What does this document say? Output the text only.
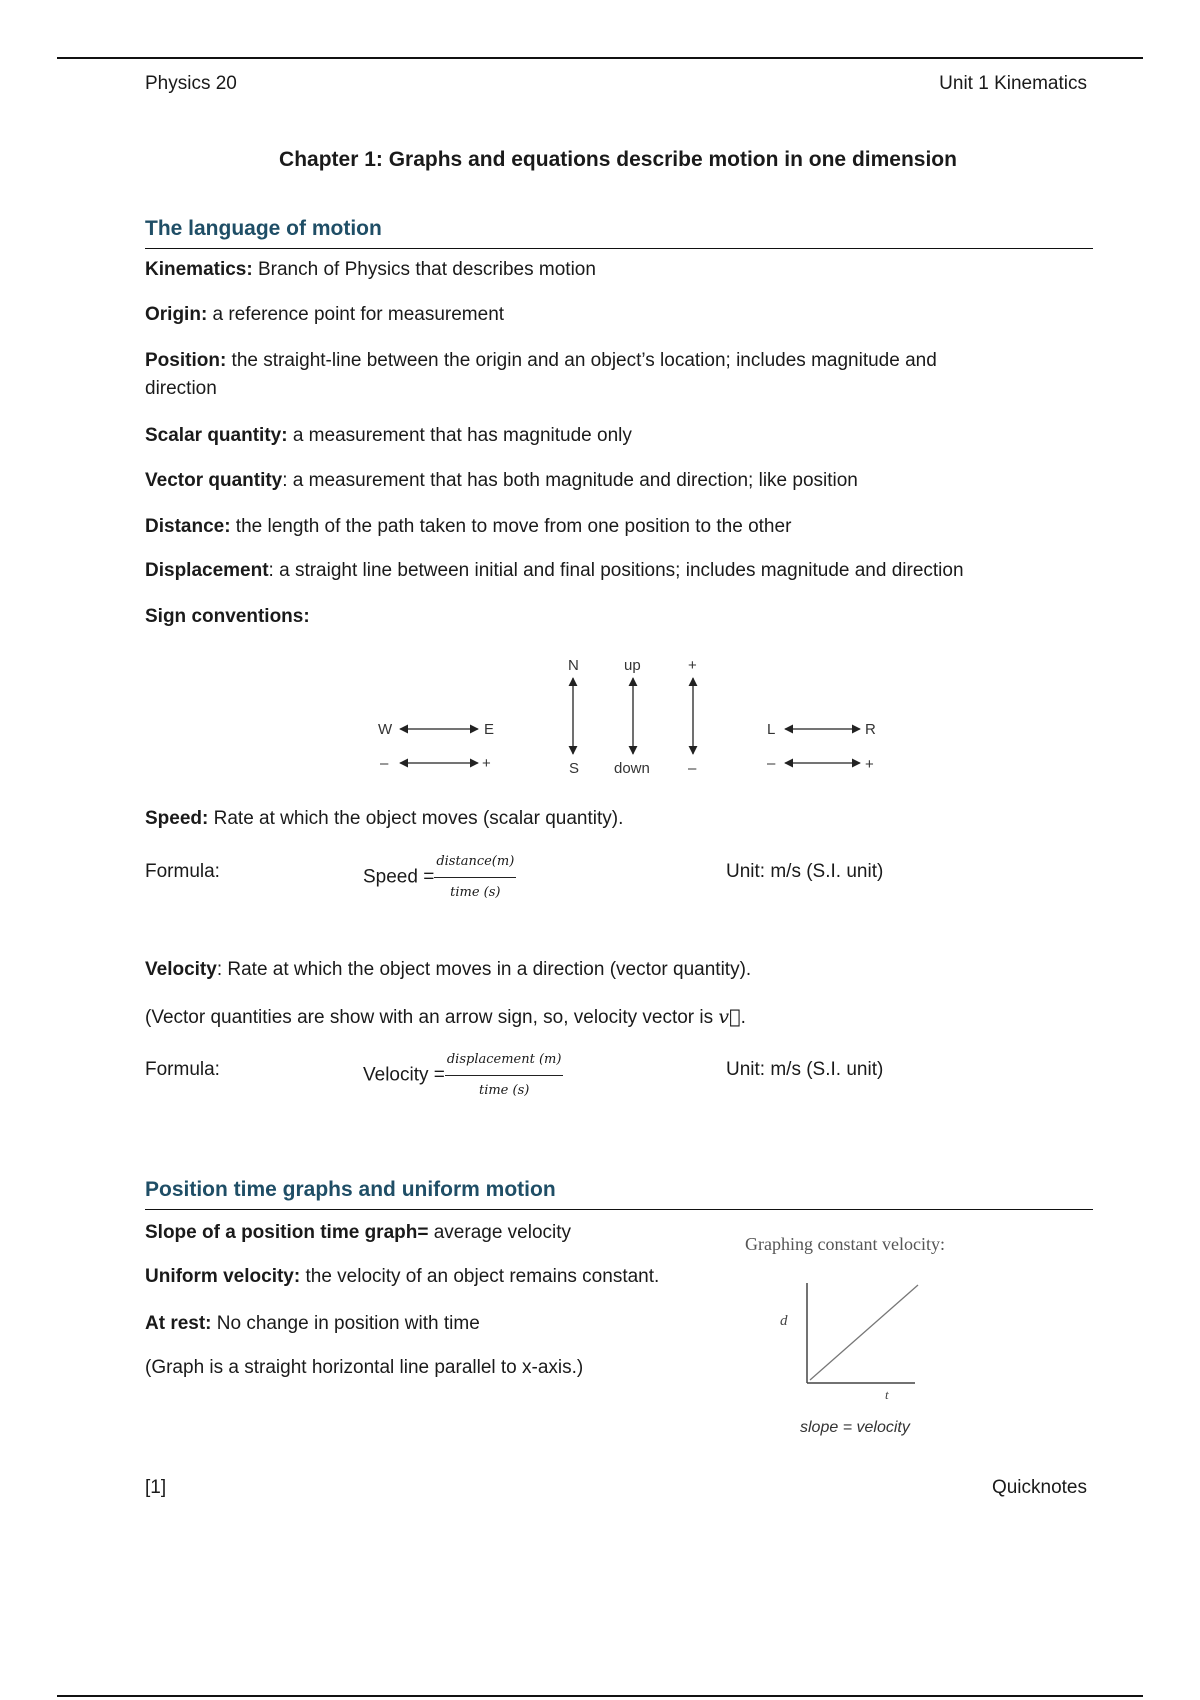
Physics 20	Unit 1 Kinematics
Chapter 1: Graphs and equations describe motion in one dimension
The language of motion
Kinematics: Branch of Physics that describes motion
Origin: a reference point for measurement
Position: the straight-line between the origin and an object’s location; includes magnitude and
direction
Scalar quantity: a measurement that has magnitude only
Vector quantity: a measurement that has both magnitude and direction; like position
Distance: the length of the path taken to move from one position to the other
Displacement: a straight line between initial and final positions; includes magnitude and direction
Sign conventions:
W	E
–	+
N
S
up
down
+
–
L	R
–	+
Speed: Rate at which the object moves (scalar quantity).
Formula:	Speed = $\frac{\text{distance(m)}}{\text{time (s)}}$	Unit: m/s (S.I. unit)
Velocity: Rate at which the object moves in a direction (vector quantity).
(Vector quantities are show with an arrow sign, so, velocity vector is v⃗.
Formula:	Velocity = $\frac{\text{displacement (m)}}{\text{time (s)}}$	Unit: m/s (S.I. unit)
Position time graphs and uniform motion
Slope of a position time graph= average velocity
Uniform velocity: the velocity of an object remains constant.
At rest: No change in position with time
(Graph is a straight horizontal line parallel to x-axis.)
Graphing constant velocity:
d
t
slope = velocity
[1]	Quicknotes
